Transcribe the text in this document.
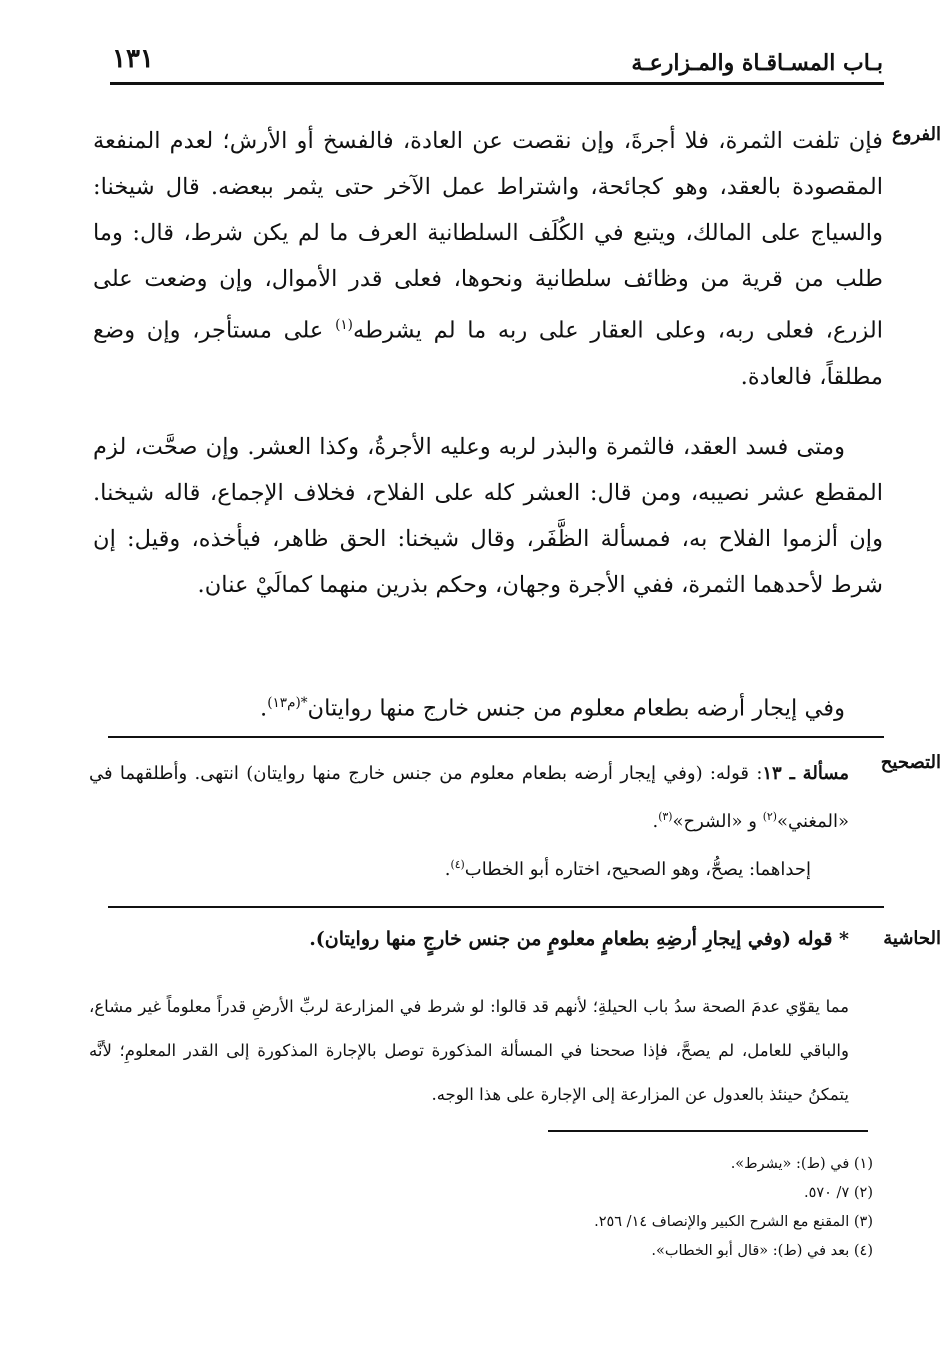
بـاب المسـاقـاة والمـزارعـة
١٣١
الفروع
التصحيح
الحاشية

فإن تلفت الثمرة، فلا أجرةَ، وإن نقصت عن العادة، فالفسخ أو الأرش؛ لعدم المنفعة المقصودة بالعقد، وهو كجائحة، واشتراط عمل الآخر حتى يثمر ببعضه. قال شيخنا: والسياج على المالك، ويتبع في الكُلَف السلطانية العرف ما لم يكن شرط، قال: وما طلب من قرية من وظائف سلطانية ونحوها، فعلى قدر الأموال، وإن وضعت على الزرع، فعلى ربه، وعلى العقار على ربه ما لم يشرطه$^{(١)}$ على مستأجر، وإن وضع مطلقاً، فالعادة.

ومتى فسد العقد، فالثمرة والبذر لربه وعليه الأجرةُ، وكذا العشر. وإن صحَّت، لزم المقطع عشر نصيبه، ومن قال: العشر كله على الفلاح، فخلاف الإجماع، قاله شيخنا. وإن ألزموا الفلاح به، فمسألة الظَّفَر، وقال شيخنا: الحق ظاهر، فيأخذه، وقيل: إن شرط لأحدهما الثمرة، ففي الأجرة وجهان، وحكم بذرين منهما كمالَيْ عنان.

وفي إيجار أرضه بطعام معلوم من جنس خارج منها روايتان$^{*(م١٣)}$.

مسألة ـ ١٣: قوله: (وفي إيجار أرضه بطعام معلوم من جنس خارج منها روايتان) انتهى. وأطلقهما في «المغني»$^{(٢)}$ و «الشرح»$^{(٣)}$.

إحداهما: يصحُّ، وهو الصحيح، اختاره أبو الخطاب$^{(٤)}$.

* قوله (وفي إيجارِ أرضِهِ بطعامٍ معلومٍ من جنس خارجٍ منها روايتان).
مما يقوّي عدمَ الصحة سدُ باب الحيلةِ؛ لأنهم قد قالوا: لو شرط في المزارعة لربِّ الأرضِ قدراً معلوماً غير مشاع، والباقي للعامل، لم يصحَّ، فإذا صححنا في المسألة المذكورة توصل بالإجارة المذكورة إلى القدر المعلومِ؛ لأنَّه يتمكنُ حينئذ بالعدول عن المزارعة إلى الإجارة على هذا الوجه.
(١) في (ط): «يشرط».
(٢) ٧/ ٥٧٠.
(٣) المقنع مع الشرح الكبير والإنصاف ١٤/ ٢٥٦.
(٤) بعد في (ط): «قال أبو الخطاب».
